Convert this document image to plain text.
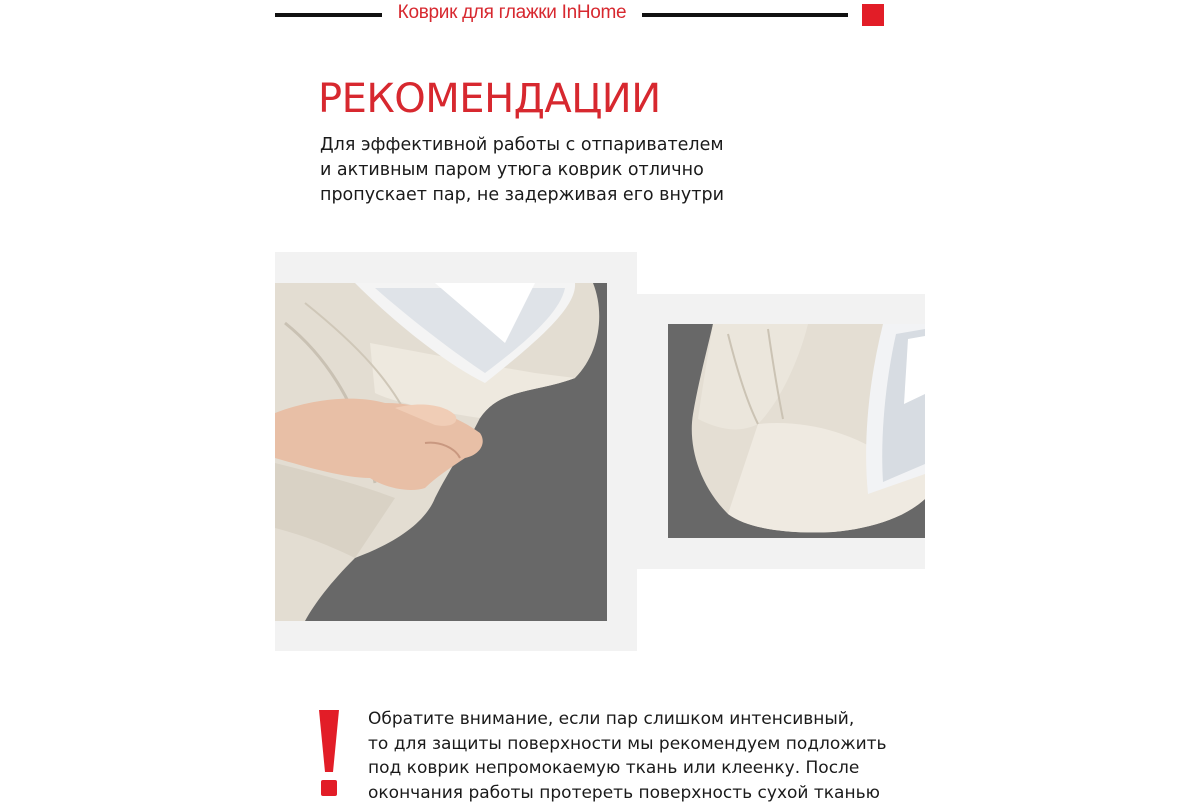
Коврик для глажки InHome
РЕКОМЕНДАЦИИ
Для эффективной работы с отпаривателем
и активным паром утюга коврик отлично
пропускает пар, не задерживая его внутри
Обратите внимание, если пар слишком интенсивный,
то для защиты поверхности мы рекомендуем подложить
под коврик непромокаемую ткань или клеенку. После
окончания работы протереть поверхность сухой тканью
